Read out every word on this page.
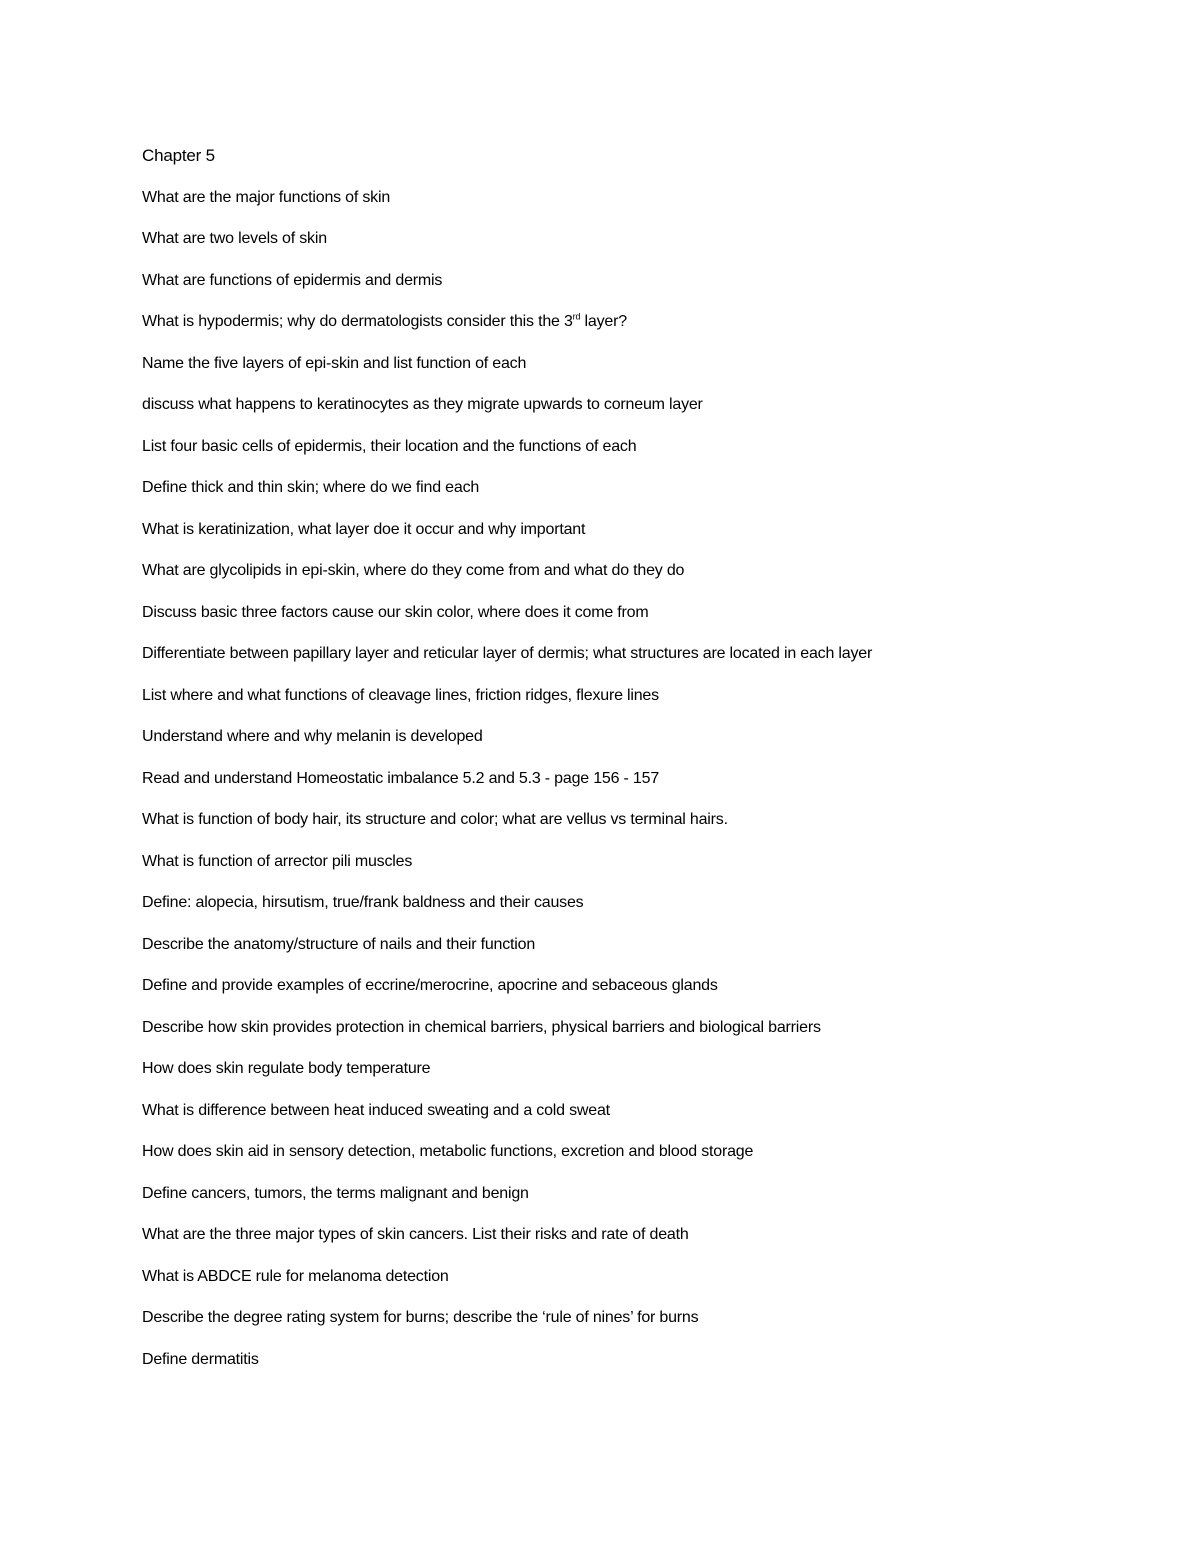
Chapter 5
What are the major functions of skin
What are two levels of skin
What are functions of epidermis and dermis
What is hypodermis; why do dermatologists consider this the 3rd layer?
Name the five layers of epi-skin and list function of each
discuss what happens to keratinocytes as they migrate upwards to corneum layer
List four basic cells of epidermis, their location and the functions of each
Define thick and thin skin; where do we find each
What is keratinization, what layer doe it occur and why important
What are glycolipids in epi-skin, where do they come from and what do they do
Discuss basic three factors cause our skin color, where does it come from
Differentiate between papillary layer and reticular layer of dermis; what structures are located in each layer
List where and what functions of cleavage lines, friction ridges, flexure lines
Understand where and why melanin is developed
Read and understand Homeostatic imbalance 5.2 and 5.3 - page 156 - 157
What is function of body hair, its structure and color; what are vellus vs terminal hairs.
What is function of arrector pili muscles
Define: alopecia, hirsutism, true/frank baldness and their causes
Describe the anatomy/structure of nails and their function
Define and provide examples of eccrine/merocrine, apocrine and sebaceous glands
Describe how skin provides protection in chemical barriers, physical barriers and biological barriers
How does skin regulate body temperature
What is difference between heat induced sweating and a cold sweat
How does skin aid in sensory detection, metabolic functions, excretion and blood storage
Define cancers, tumors, the terms malignant and benign
What are the three major types of skin cancers. List their risks and rate of death
What is ABDCE rule for melanoma detection
Describe the degree rating system for burns; describe the ‘rule of nines’ for burns
Define dermatitis
